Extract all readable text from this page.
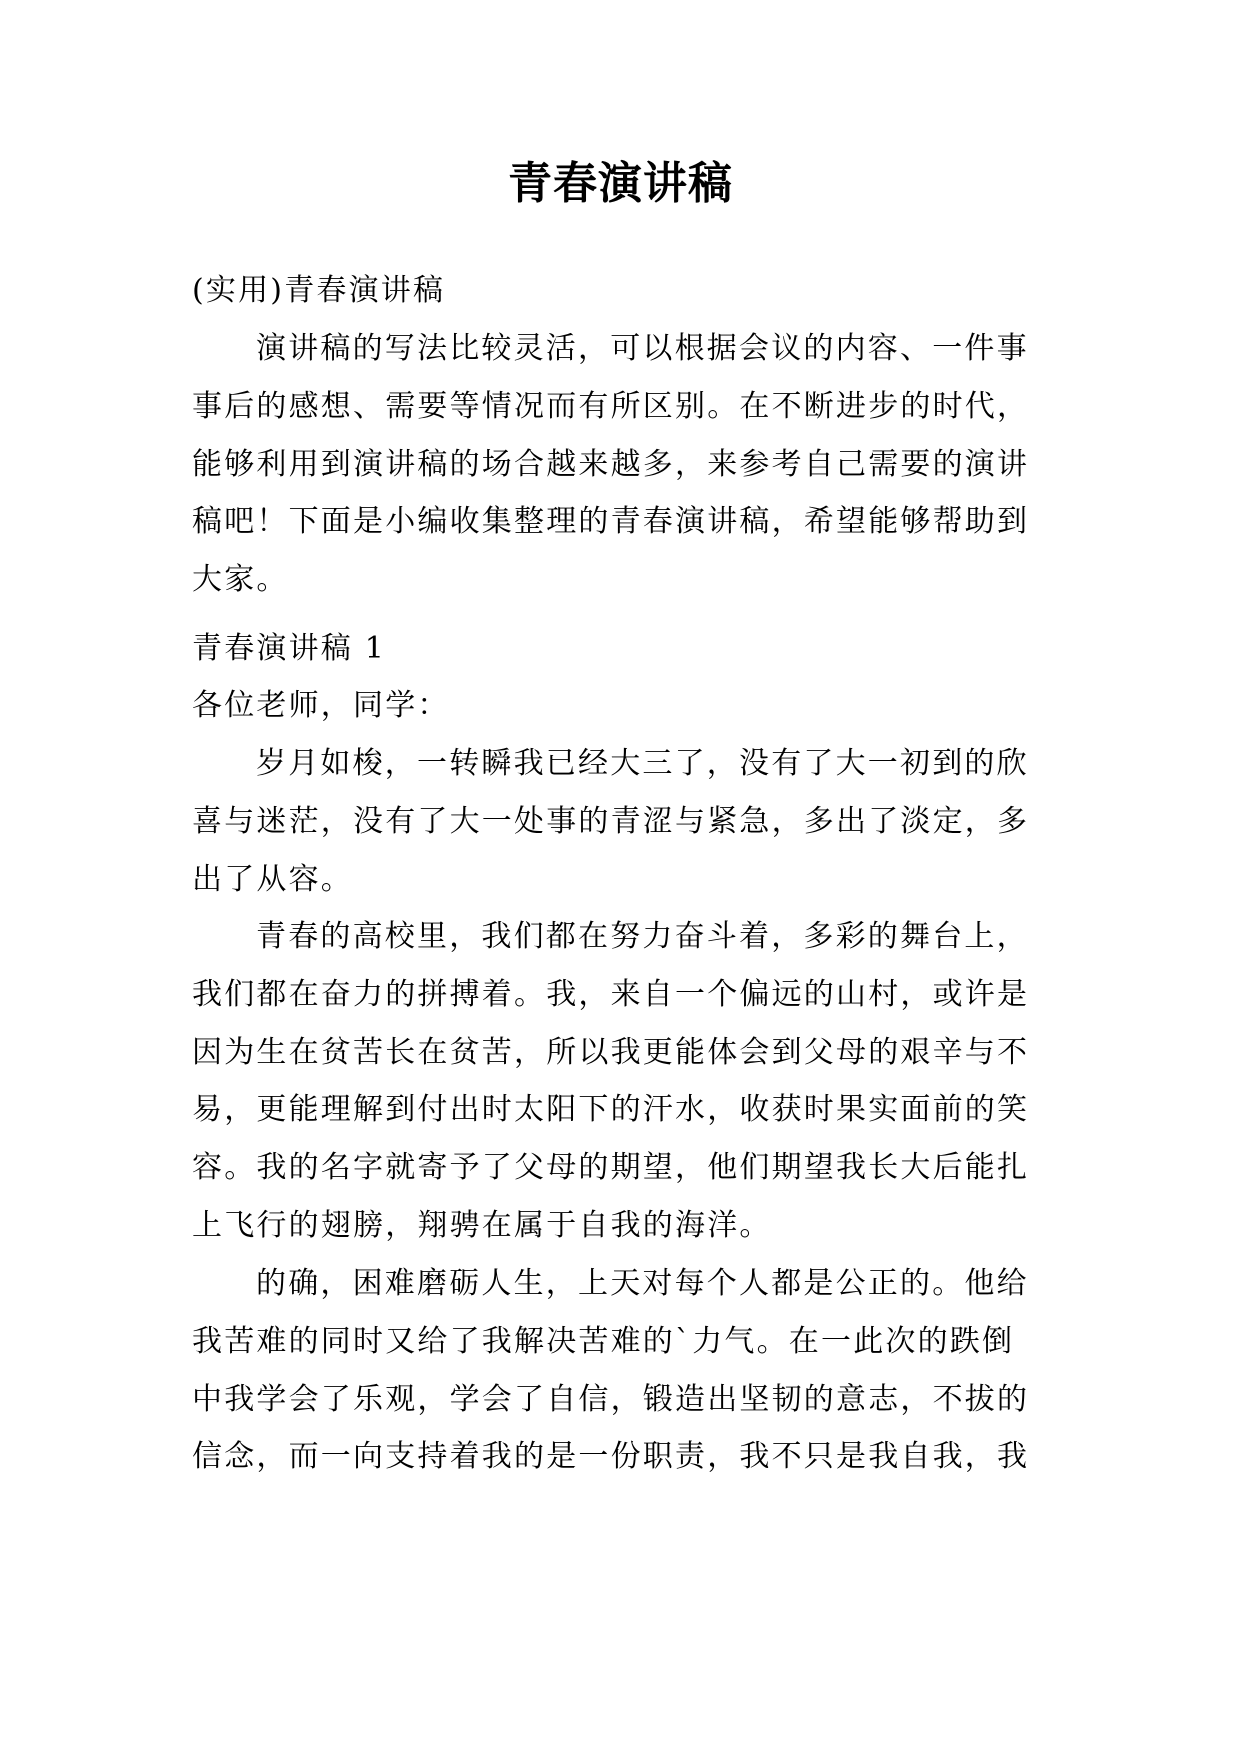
青春演讲稿

(实用)青春演讲稿

演讲稿的写法比较灵活，可以根据会议的内容、一件事
事后的感想、需要等情况而有所区别。在不断进步的时代，
能够利用到演讲稿的场合越来越多，来参考自己需要的演讲
稿吧！下面是小编收集整理的青春演讲稿，希望能够帮助到
大家。

青春演讲稿 1

各位老师，同学：

岁月如梭，一转瞬我已经大三了，没有了大一初到的欣
喜与迷茫，没有了大一处事的青涩与紧急，多出了淡定，多
出了从容。

青春的高校里，我们都在努力奋斗着，多彩的舞台上，
我们都在奋力的拼搏着。我，来自一个偏远的山村，或许是
因为生在贫苦长在贫苦，所以我更能体会到父母的艰辛与不
易，更能理解到付出时太阳下的汗水，收获时果实面前的笑
容。我的名字就寄予了父母的期望，他们期望我长大后能扎
上飞行的翅膀，翔骋在属于自我的海洋。

的确，困难磨砺人生，上天对每个人都是公正的。他给
我苦难的同时又给了我解决苦难的`力气。在一此次的跌倒
中我学会了乐观，学会了自信，锻造出坚韧的意志，不拔的
信念，而一向支持着我的是一份职责，我不只是我自我，我
